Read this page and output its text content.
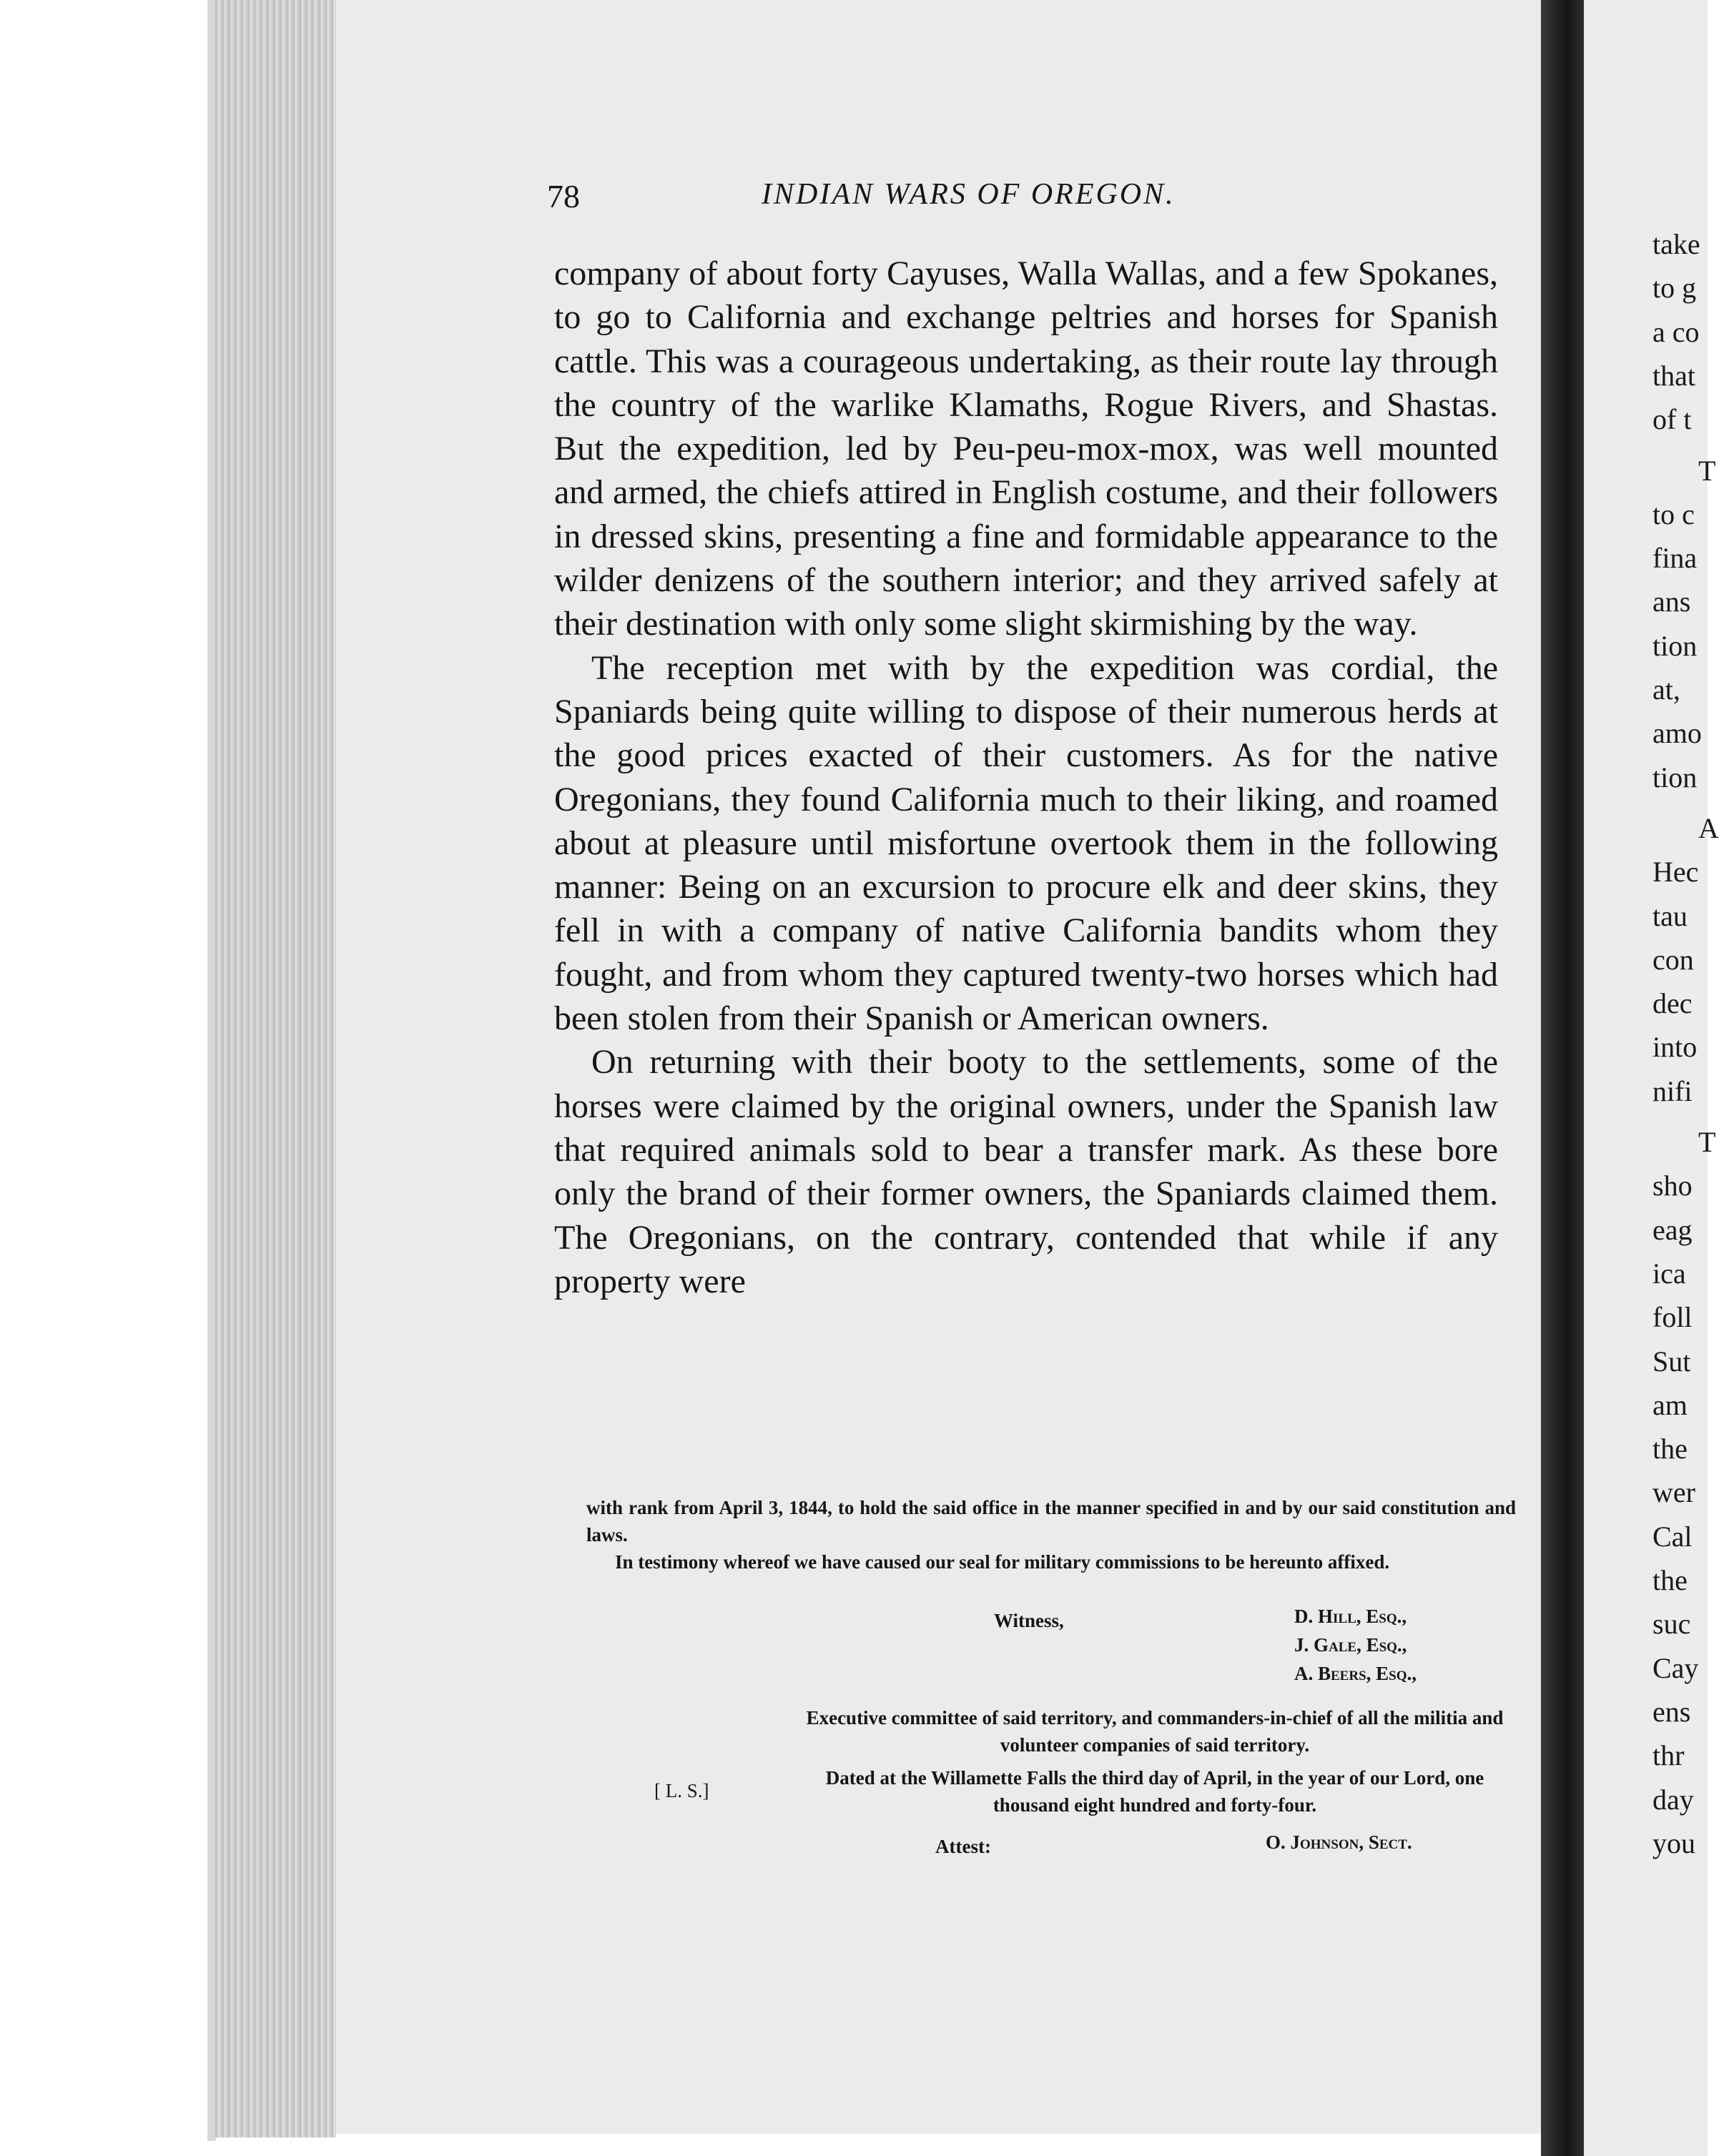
take
to g
a co
that
of t
T
to c
fina
ans
tion
at,
amo
tion
A
Hec
tau
con
dec
into
nifi
T
sho
eag
ica
foll
Sut
am
the
wer
Cal
the
suc
Cay
ens
thr
day
you
78	INDIAN WARS OF OREGON.

company of about forty Cayuses, Walla Wallas, and a few Spokanes, to go to California and exchange peltries and horses for Spanish cattle. This was a courageous undertaking, as their route lay through the country of the warlike Klamaths, Rogue Rivers, and Shastas. But the expedition, led by Peu-peu-mox-mox, was well mounted and armed, the chiefs attired in English costume, and their followers in dressed skins, presenting a fine and formidable appearance to the wilder denizens of the southern interior; and they arrived safely at their destination with only some slight skirmishing by the way.

The reception met with by the expedition was cordial, the Spaniards being quite willing to dispose of their numerous herds at the good prices exacted of their customers. As for the native Oregonians, they found California much to their liking, and roamed about at pleasure until misfortune overtook them in the following manner: Being on an excursion to procure elk and deer skins, they fell in with a company of native California bandits whom they fought, and from whom they captured twenty-two horses which had been stolen from their Spanish or American owners.

On returning with their booty to the settlements, some of the horses were claimed by the original owners, under the Spanish law that required animals sold to bear a transfer mark. As these bore only the brand of their former owners, the Spaniards claimed them. The Oregonians, on the contrary, contended that while if any property were

with rank from April 3, 1844, to hold the said office in the manner specified in and by our said constitution and laws.

In testimony whereof we have caused our seal for military commissions to be hereunto affixed.

Witness,	D. Hill, Esq.,
J. Gale, Esq.,
A. Beers, Esq.,
Executive committee of said territory, and commanders-in-chief of all the militia and volunteer companies of said territory.
[ L. S.]
Dated at the Willamette Falls the third day of April, in the year of our Lord, one thousand eight hundred and forty-four.
Attest:	O. Johnson, Sect.
